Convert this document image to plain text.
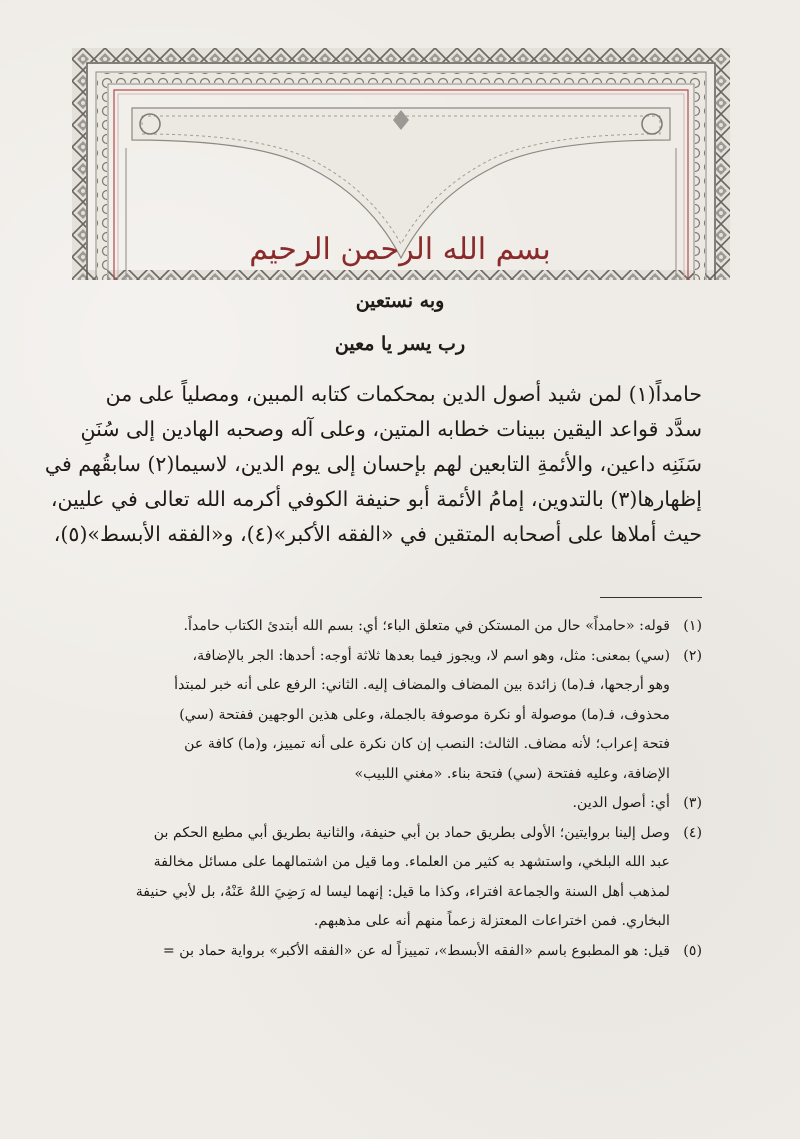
بسم الله الرحمن الرحيم
وبه نستعين
رب يسر يا معين

حامداً(١) لمن شيد أصول الدين بمحكمات كتابه المبين، ومصلياً على من

سدَّد قواعد اليقين ببينات خطابه المتين، وعلى آله وصحبه الهادين إلى سُنَنِ

سَنَنِه داعين، والأئمةِ التابعين لهم بإحسان إلى يوم الدين، لاسيما(٢) سابقُهم في

إظهارها(٣) بالتدوين، إمامُ الأئمة أبو حنيفة الكوفي أكرمه الله تعالى في عليين،

حيث أملاها على أصحابه المتقين في «الفقه الأكبر»(٤)، و«الفقه الأبسط»(٥)،

(١)قوله: «حامداً» حال من المستكن في متعلق الباء؛ أي: بسم الله أبتدئ الكتاب حامداً.

(٢)(سي) بمعنى: مثل، وهو اسم لا، ويجوز فيما بعدها ثلاثة أوجه: أحدها: الجر بالإضافة،

وهو أرجحها، فـ(ما) زائدة بين المضاف والمضاف إليه. الثاني: الرفع على أنه خبر لمبتدأ

محذوف، فـ(ما) موصولة أو نكرة موصوفة بالجملة، وعلى هذين الوجهين ففتحة (سي)

فتحة إعراب؛ لأنه مضاف. الثالث: النصب إن كان نكرة على أنه تمييز، و(ما) كافة عن

الإضافة، وعليه ففتحة (سي) فتحة بناء. «مغني اللبيب»

(٣)أي: أصول الدين.

(٤)وصل إلينا بروايتين؛ الأولى بطريق حماد بن أبي حنيفة، والثانية بطريق أبي مطيع الحكم بن

عبد الله البلخي، واستشهد به كثير من العلماء. وما قيل من اشتمالهما على مسائل مخالفة

لمذهب أهل السنة والجماعة افتراء، وكذا ما قيل: إنهما ليسا له رَضِيَ اللهُ عَنْهُ، بل لأبي حنيفة

البخاري. فمن اختراعات المعتزلة زعماً منهم أنه على مذهبهم.

(٥)قيل: هو المطبوع باسم «الفقه الأبسط»، تمييزاً له عن «الفقه الأكبر» برواية حماد بن =
